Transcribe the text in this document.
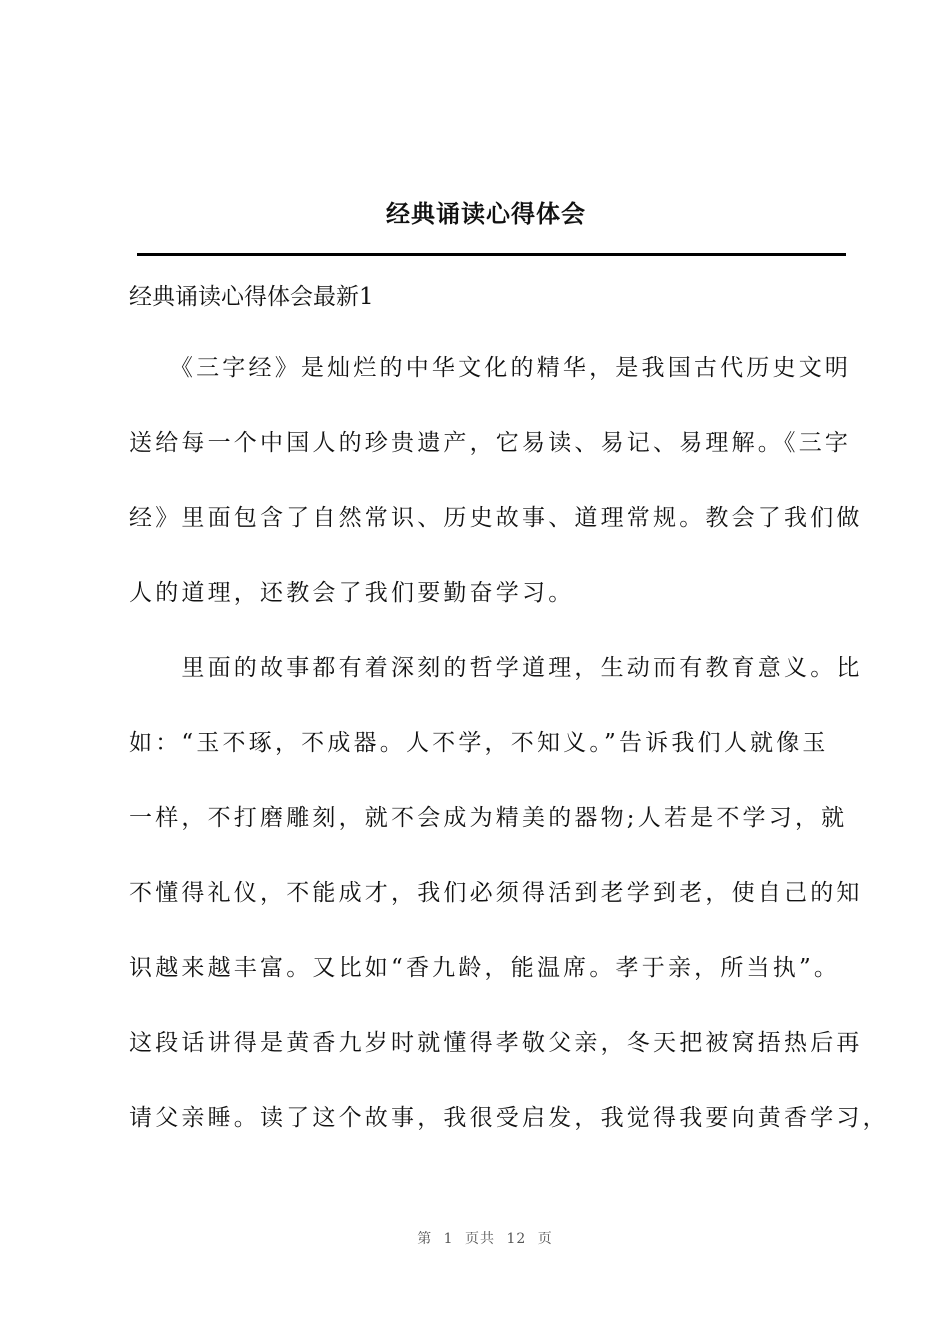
经典诵读心得体会
经典诵读心得体会最新1
　　《三字经》是灿烂的中华文化的精华，是我国古代历史文明
送给每一个中国人的珍贵遗产，它易读、易记、易理解。《三字
经》里面包含了自然常识、历史故事、道理常规。教会了我们做
人的道理，还教会了我们要勤奋学习。
　　里面的故事都有着深刻的哲学道理，生动而有教育意义。比
如：“玉不琢，不成器。人不学，不知义。”告诉我们人就像玉
一样，不打磨雕刻，就不会成为精美的器物;人若是不学习，就
不懂得礼仪，不能成才，我们必须得活到老学到老，使自己的知
识越来越丰富。又比如“香九龄，能温席。孝于亲，所当执”。
这段话讲得是黄香九岁时就懂得孝敬父亲，冬天把被窝捂热后再
请父亲睡。读了这个故事，我很受启发，我觉得我要向黄香学习，
第 1 页共 12 页
